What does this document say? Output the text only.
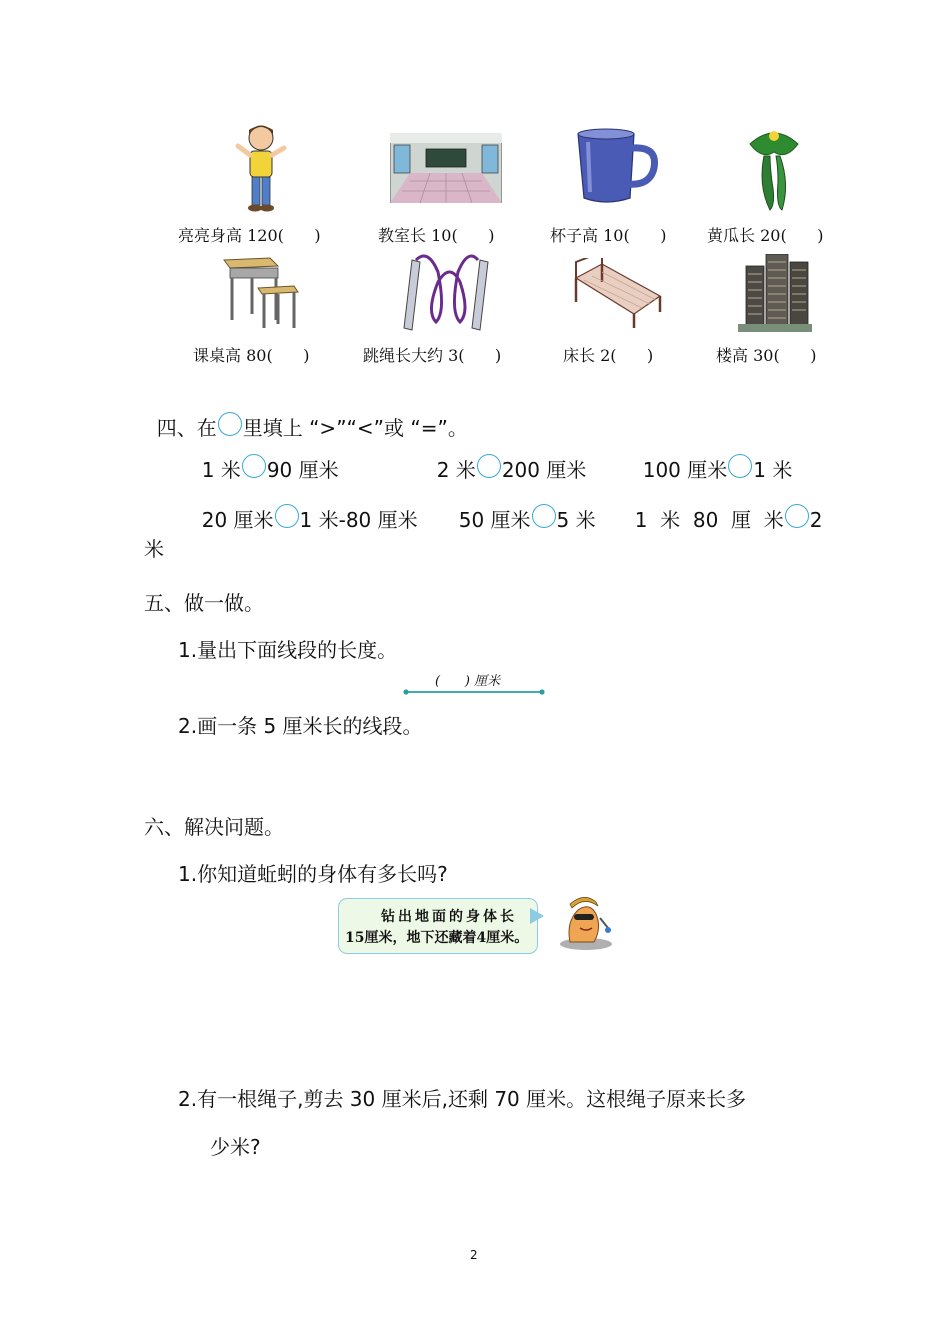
亮亮身高 120(      )	教室长 10(      )	杯子高 10(      )	黄瓜长 20(      )
课桌高 80(      )	跳绳长大约 3(      )	床长 2(      )	楼高 30(      )

四、在 里填上 “>”“<”或 “=”。

1 米 90 厘米	2 米 200 厘米	100 厘米 1 米

20 厘米 1 米-80 厘米	50 厘米 5 米	1  米  80  厘  米 2

米
五、做一做。
1.量出下面线段的长度。
(      ) 厘米
2.画一条 5 厘米长的线段。
六、解决问题。
1.你知道蚯蚓的身体有多长吗?
钻出地面的身体长
15厘米，地下还藏着4厘米。
2.有一根绳子,剪去 30 厘米后,还剩 70 厘米。这根绳子原来长多
少米?
2
